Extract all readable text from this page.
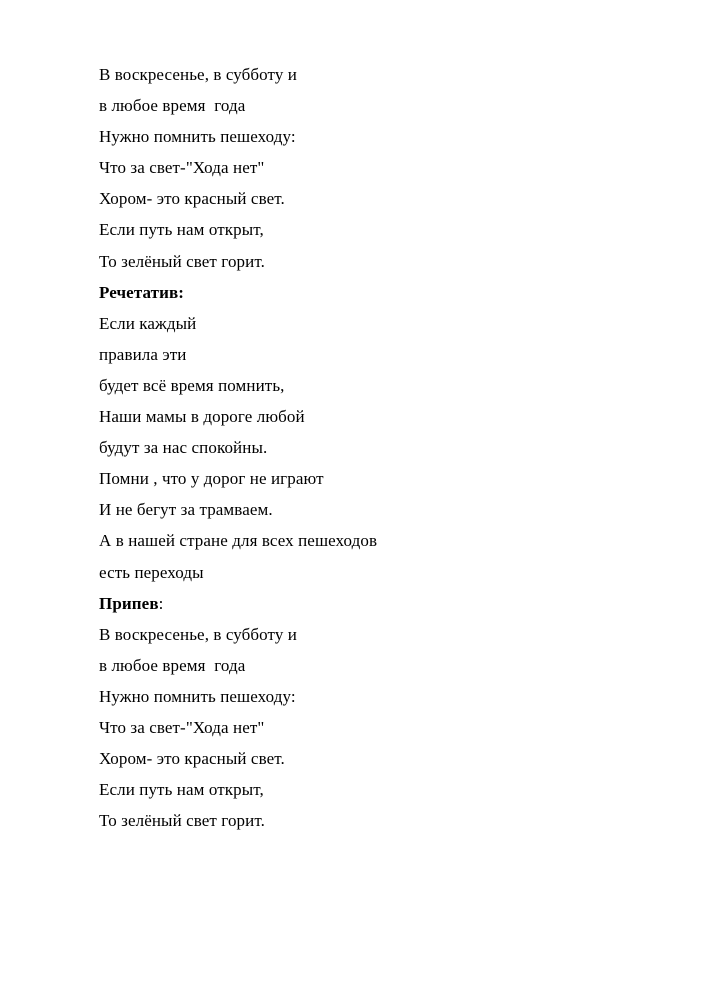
В воскресенье, в субботу и

в любое время  года

Нужно помнить пешеходу:

Что за свет-"Хода нет"

Хором- это красный свет.

Если путь нам открыт,

То зелёный свет горит.

Речетатив:

Если каждый

правила эти

будет всё время помнить,

Наши мамы в дороге любой

будут за нас спокойны.

Помни , что у дорог не играют

И не бегут за трамваем.

А в нашей стране для всех пешеходов

есть переходы

Припев:

В воскресенье, в субботу и

в любое время  года

Нужно помнить пешеходу:

Что за свет-"Хода нет"

Хором- это красный свет.

Если путь нам открыт,

То зелёный свет горит.
